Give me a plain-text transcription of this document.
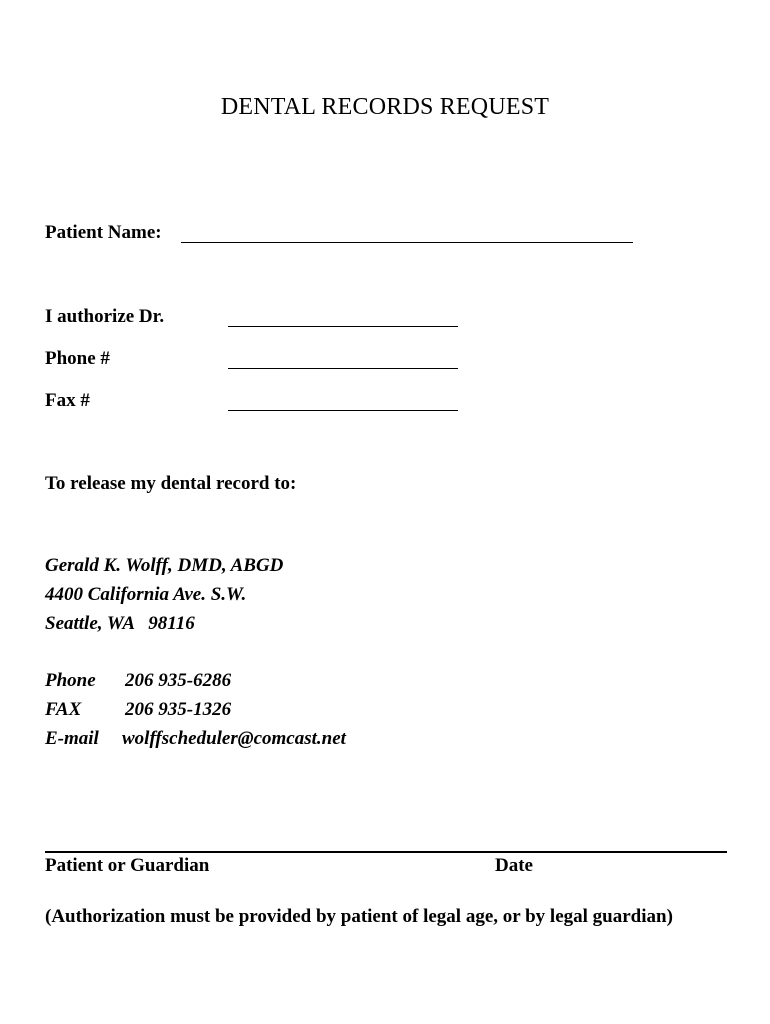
DENTAL RECORDS REQUEST
Patient Name:
I authorize Dr.
Phone #
Fax #
To release my dental record to:
Gerald K. Wolff, DMD, ABGD
4400 California Ave. S.W.
Seattle, WA   98116
Phone 206 935-6286
FAX 206 935-1326
E-mail wolffscheduler@comcast.net
Patient or Guardian	Date
(Authorization must be provided by patient of legal age, or by legal guardian)
